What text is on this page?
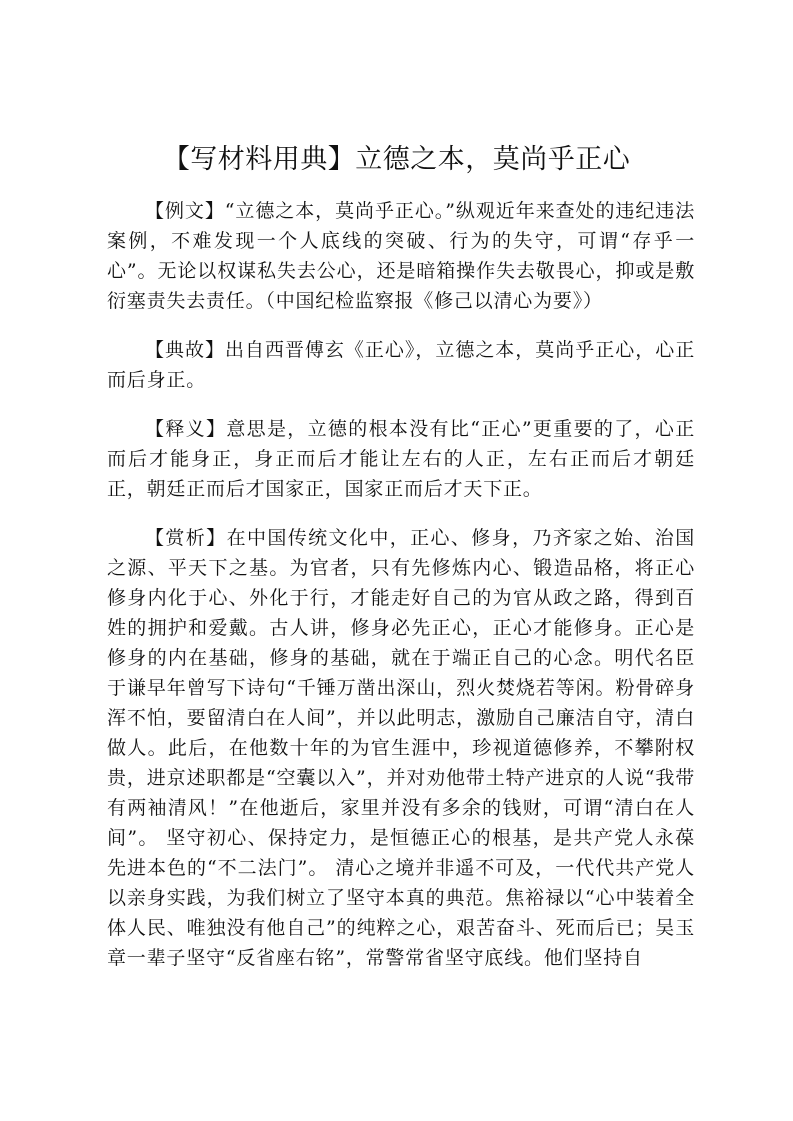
【写材料用典】立德之本，莫尚乎正心

【例文】“立德之本，莫尚乎正心。”纵观近年来查处的违纪违法案例，不难发现一个人底线的突破、行为的失守，可谓“存乎一心”。无论以权谋私失去公心，还是暗箱操作失去敬畏心，抑或是敷衍塞责失去责任。（中国纪检监察报《修己以清心为要》）

【典故】出自西晋傅玄《正心》，立德之本，莫尚乎正心，心正而后身正。

【释义】意思是，立德的根本没有比“正心”更重要的了，心正而后才能身正，身正而后才能让左右的人正，左右正而后才朝廷正，朝廷正而后才国家正，国家正而后才天下正。

【赏析】在中国传统文化中，正心、修身，乃齐家之始、治国之源、平天下之基。为官者，只有先修炼内心、锻造品格，将正心修身内化于心、外化于行，才能走好自己的为官从政之路，得到百姓的拥护和爱戴。古人讲，修身必先正心，正心才能修身。正心是修身的内在基础，修身的基础，就在于端正自己的心念。明代名臣于谦早年曾写下诗句“千锤万凿出深山，烈火焚烧若等闲。粉骨碎身浑不怕，要留清白在人间”，并以此明志，激励自己廉洁自守，清白做人。此后，在他数十年的为官生涯中，珍视道德修养，不攀附权贵，进京述职都是“空囊以入”，并对劝他带土特产进京的人说“我带有两袖清风！”在他逝后，家里并没有多余的钱财，可谓“清白在人间”。 坚守初心、保持定力，是恒德正心的根基，是共产党人永葆先进本色的“不二法门”。 清心之境并非遥不可及，一代代共产党人以亲身实践，为我们树立了坚守本真的典范。焦裕禄以“心中装着全体人民、唯独没有他自己”的纯粹之心，艰苦奋斗、死而后已；吴玉章一辈子坚守“反省座右铭”，常警常省坚守底线。他们坚持自
